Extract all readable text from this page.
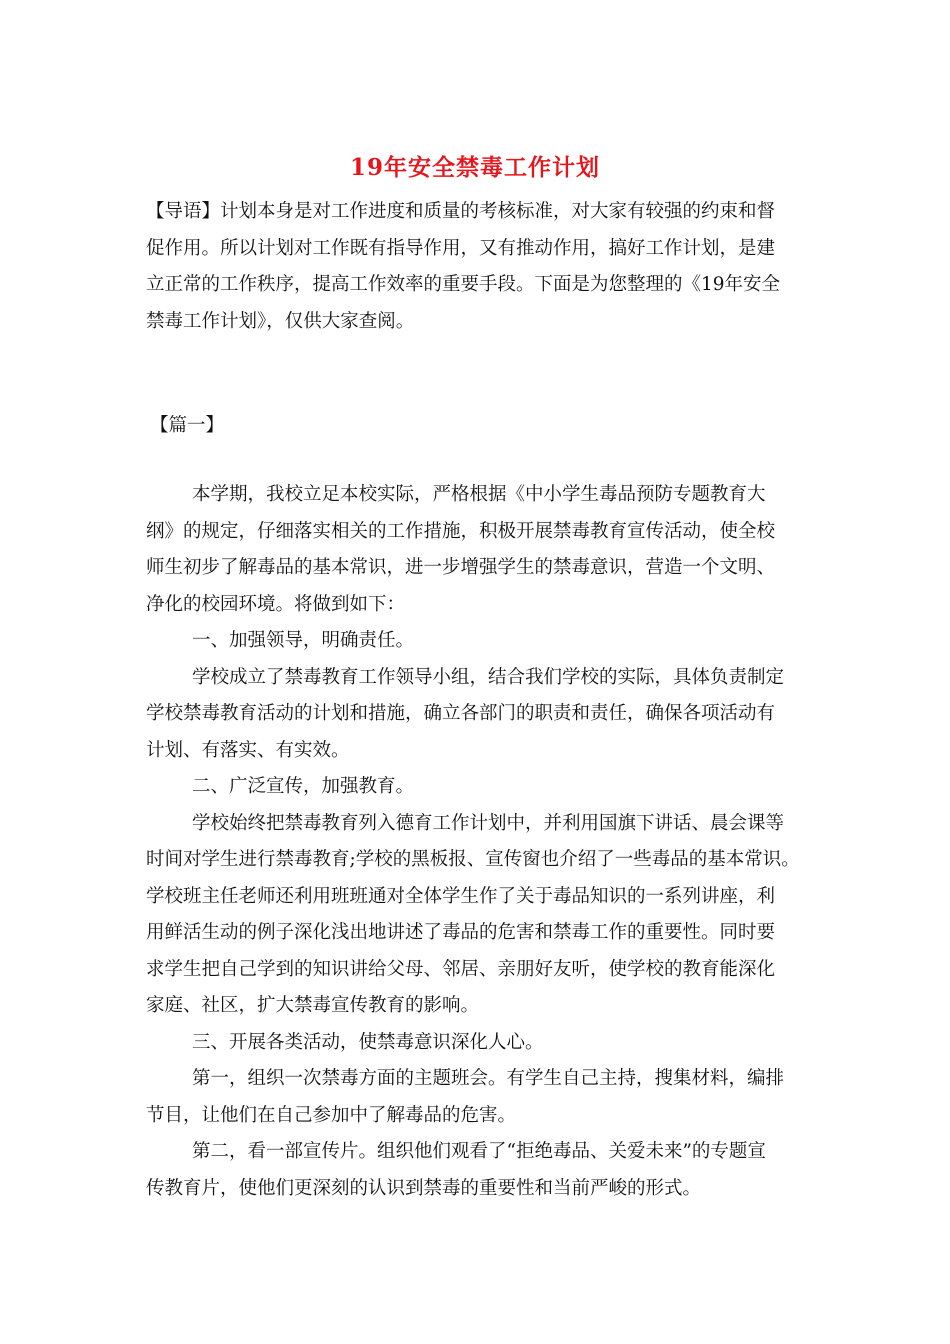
19年安全禁毒工作计划
【导语】计划本身是对工作进度和质量的考核标准，对大家有较强的约束和督
促作用。所以计划对工作既有指导作用，又有推动作用，搞好工作计划，是建
立正常的工作秩序，提高工作效率的重要手段。下面是为您整理的《19年安全
禁毒工作计划》，仅供大家查阅。
【篇一】
本学期，我校立足本校实际，严格根据《中小学生毒品预防专题教育大
纲》的规定，仔细落实相关的工作措施，积极开展禁毒教育宣传活动，使全校
师生初步了解毒品的基本常识，进一步增强学生的禁毒意识，营造一个文明、
净化的校园环境。将做到如下：
一、加强领导，明确责任。
学校成立了禁毒教育工作领导小组，结合我们学校的实际，具体负责制定
学校禁毒教育活动的计划和措施，确立各部门的职责和责任，确保各项活动有
计划、有落实、有实效。
二、广泛宣传，加强教育。
学校始终把禁毒教育列入德育工作计划中，并利用国旗下讲话、晨会课等
时间对学生进行禁毒教育;学校的黑板报、宣传窗也介绍了一些毒品的基本常识。
学校班主任老师还利用班班通对全体学生作了关于毒品知识的一系列讲座，利
用鲜活生动的例子深化浅出地讲述了毒品的危害和禁毒工作的重要性。同时要
求学生把自己学到的知识讲给父母、邻居、亲朋好友听，使学校的教育能深化
家庭、社区，扩大禁毒宣传教育的影响。
三、开展各类活动，使禁毒意识深化人心。
第一，组织一次禁毒方面的主题班会。有学生自己主持，搜集材料，编排
节目，让他们在自己参加中了解毒品的危害。
第二，看一部宣传片。组织他们观看了“拒绝毒品、关爱未来”的专题宣
传教育片，使他们更深刻的认识到禁毒的重要性和当前严峻的形式。
